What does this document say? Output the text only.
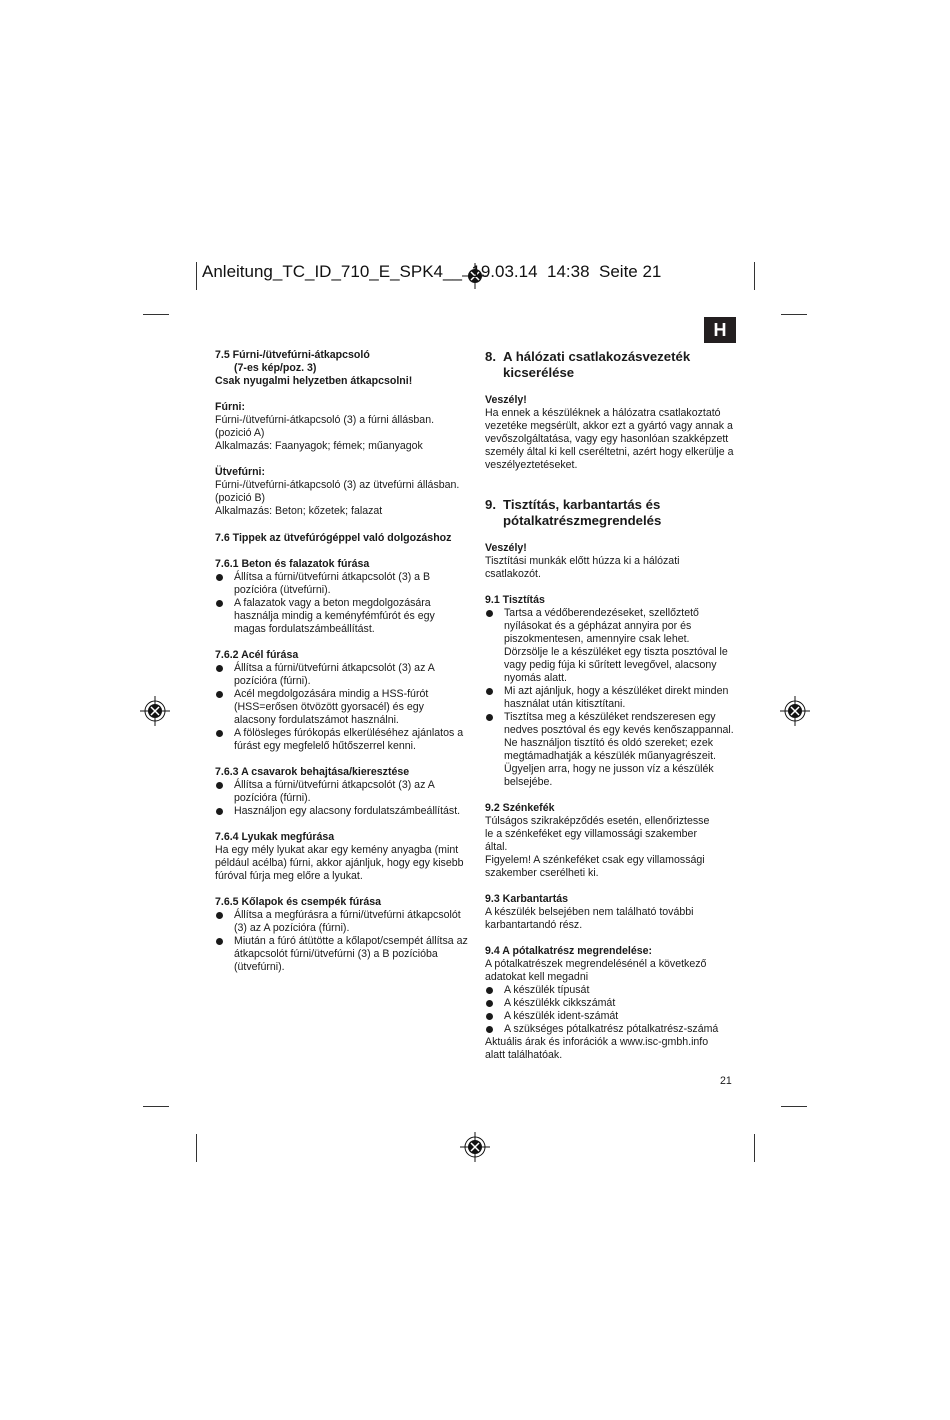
Anleitung_TC_ID_710_E_SPK4__ 19.03.14 14:38 Seite 21
H

7.5 Fúrni-/ütvefúrni-átkapcsoló

(7-es kép/poz. 3)

Csak nyugalmi helyzetben átkapcsolni!

Fúrni:

Fúrni-/ütvefúrni-átkapcsoló (3) a fúrni állásban.

(pozició A)

Alkalmazás: Faanyagok; fémek; műanyagok

Ütvefúrni:

Fúrni-/ütvefúrni-átkapcsoló (3) az ütvefúrni állásban.

(pozició B)

Alkalmazás: Beton; kőzetek; falazat

7.6 Tippek az ütvefúrógéppel való dolgozáshoz

7.6.1 Beton és falazatok fúrása

Állítsa a fúrni/ütvefúrni átkapcsolót (3) a B

pozícióra (ütvefúrni).

A falazatok vagy a beton megdolgozására

használja mindig a keményfémfúrót és egy

magas fordulatszámbeállítást.

7.6.2 Acél fúrása

Állítsa a fúrni/ütvefúrni átkapcsolót (3) az A

pozícióra (fúrni).

Acél megdolgozására mindig a HSS-fúrót

(HSS=erősen ötvözött gyorsacél) és egy

alacsony fordulatszámot használni.

A fölösleges fúrókopás elkerüléséhez ajánlatos a

fúrást egy megfelelő hűtőszerrel kenni.

7.6.3 A csavarok behajtása/kieresztése

Állítsa a fúrni/ütvefúrni átkapcsolót (3) az A

pozícióra (fúrni).

Használjon egy alacsony fordulatszámbeállítást.

7.6.4 Lyukak megfúrása

Ha egy mély lyukat akar egy kemény anyagba (mint

például acélba) fúrni, akkor ajánljuk, hogy egy kisebb

fúróval fúrja meg előre a lyukat.

7.6.5 Kőlapok és csempék fúrása

Állítsa a megfúrásra a fúrni/ütvefúrni átkapcsolót

(3) az A pozícióra (fúrni).

Miután a fúró átütötte a kőlapot/csempét állítsa az

átkapcsolót fúrni/ütvefúrni (3) a B pozícióba

(ütvefúrni).

8. A hálózati csatlakozásvezeték

kicserélése

Veszély!

Ha ennek a készüléknek a hálózatra csatlakoztató

vezetéke megsérült, akkor ezt a gyártó vagy annak a

vevőszolgáltatása, vagy egy hasonlóan szakképzett

személy által ki kell cseréltetni, azért hogy elkerülje a

veszélyeztetéseket.

9. Tisztítás, karbantartás és

pótalkatrészmegrendelés

Veszély!

Tisztítási munkák előtt húzza ki a hálózati

csatlakozót.

9.1 Tisztítás

Tartsa a védőberendezéseket, szellőztető

nyílásokat és a gépházat annyira por és

piszokmentesen, amennyire csak lehet.

Dörzsölje le a készüléket egy tiszta posztóval le

vagy pedig fúja ki sűrített levegővel, alacsony

nyomás alatt.

Mi azt ajánljuk, hogy a készüléket direkt minden

használat után kitisztítani.

Tisztítsa meg a készüléket rendszeresen egy

nedves posztóval és egy kevés kenőszappannal.

Ne használjon tisztító és oldó szereket; ezek

megtámadhatják a készülék műanyagrészeit.

Ügyeljen arra, hogy ne jusson víz a készülék

belsejébe.

9.2 Szénkefék

Túlságos szikraképződés esetén, ellenőriztesse

le a szénkeféket egy villamossági szakember

által.

Figyelem! A szénkeféket csak egy villamossági

szakember cserélheti ki.

9.3 Karbantartás

A készülék belsejében nem található további

karbantartandó rész.

9.4 A pótalkatrész megrendelése:

A pótalkatrészek megrendelésénél a következő

adatokat kell megadni

A készülék típusát

A készülékk cikkszámát

A készülék ident-számát

A szükséges pótalkatrész pótalkatrész-számá

Aktuális árak és inforációk a www.isc-gmbh.info

alatt találhatóak.

21
